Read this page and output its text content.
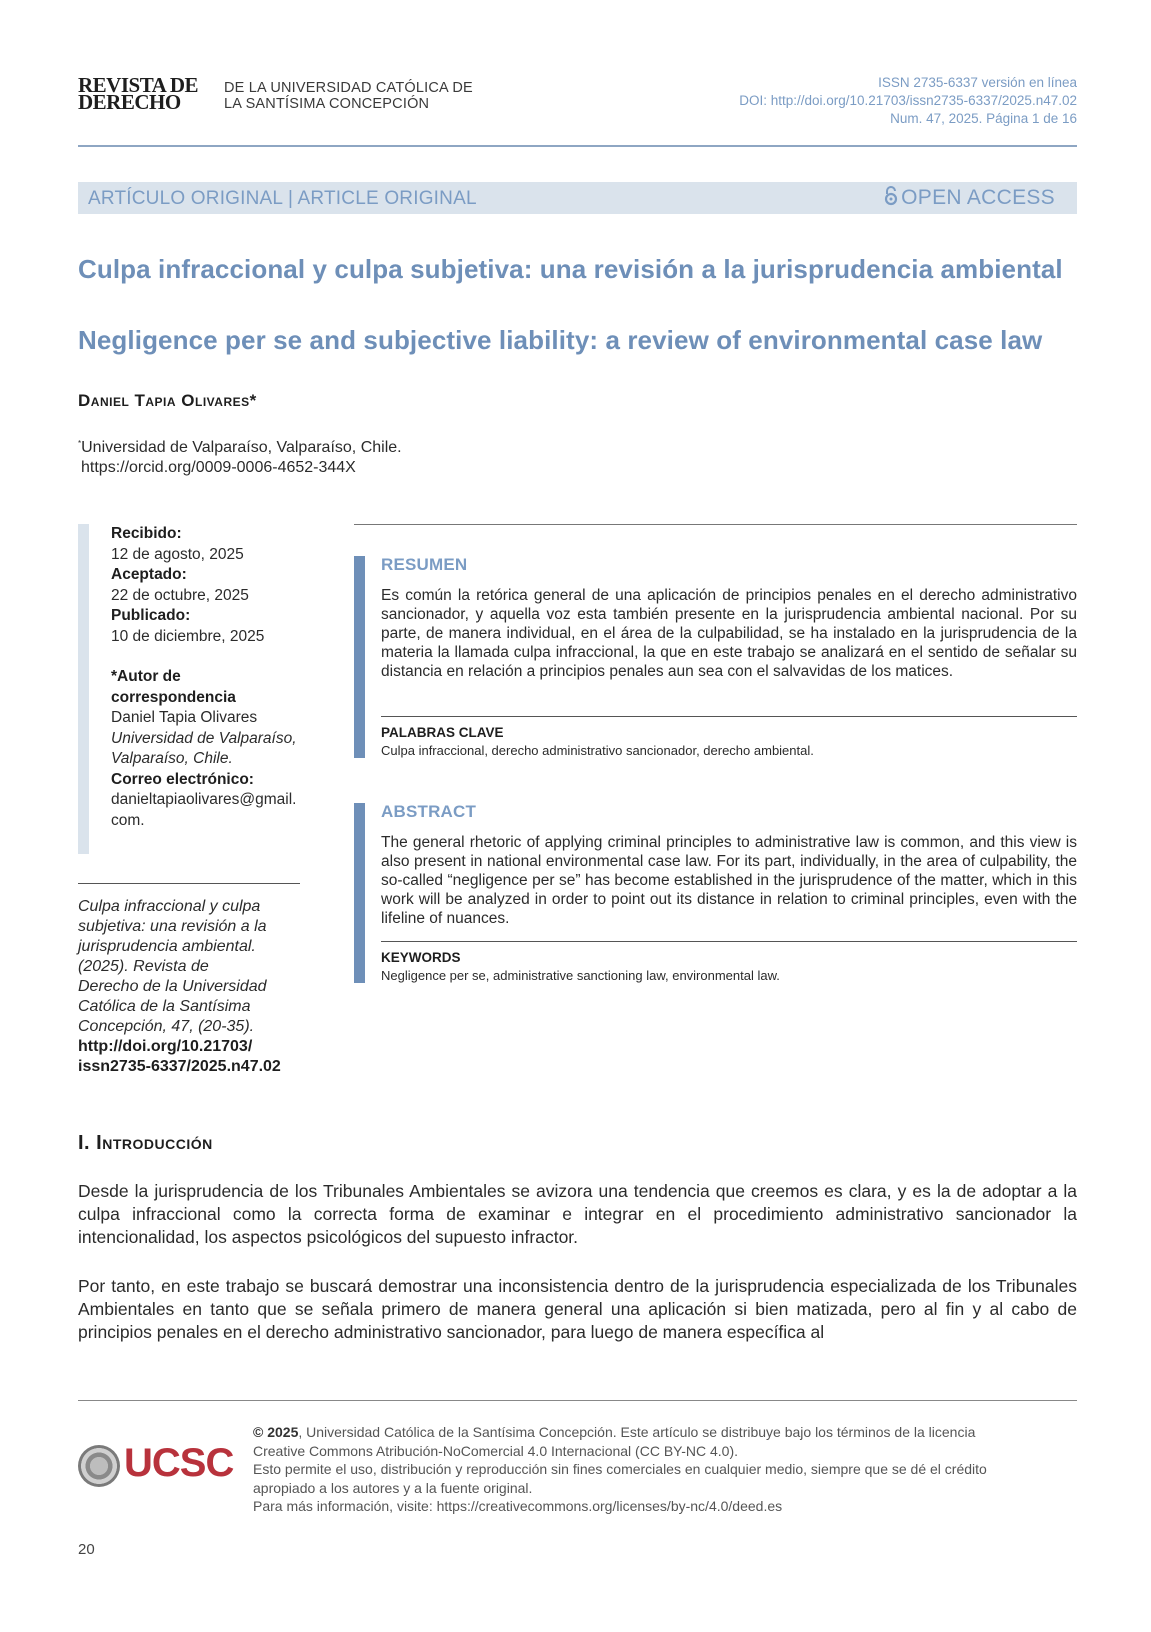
REVISTA DE
DERECHO
DE LA UNIVERSIDAD CATÓLICA DE
LA SANTÍSIMA CONCEPCIÓN
ISSN 2735-6337 versión en línea
DOI: http://doi.org/10.21703/issn2735-6337/2025.n47.02
Num. 47, 2025. Página 1 de 16
ARTÍCULO ORIGINAL | ARTICLE ORIGINAL	OPEN ACCESS
Culpa infraccional y culpa subjetiva: una revisión a la jurisprudencia ambiental
Negligence per se and subjective liability: a review of environmental case law
Daniel Tapia Olivares*
*Universidad de Valparaíso, Valparaíso, Chile.
https://orcid.org/0009-0006-4652-344X
Recibido:
12 de agosto, 2025
Aceptado:
22 de octubre, 2025
Publicado:
10 de diciembre, 2025
*Autor de
correspondencia
Daniel Tapia Olivares
Universidad de Valparaíso,
Valparaíso, Chile.
Correo electrónico:
danieltapiaolivares@gmail.
com.
Culpa infraccional y culpa
subjetiva: una revisión a la
jurisprudencia ambiental.
(2025). Revista de
Derecho de la Universidad
Católica de la Santísima
Concepción, 47, (20-35).
http://doi.org/10.21703/
issn2735-6337/2025.n47.02
RESUMEN
Es común la retórica general de una aplicación de principios penales en el derecho administrativo sancionador, y aquella voz esta también presente en la jurisprudencia ambiental nacional. Por su parte, de manera individual, en el área de la culpabilidad, se ha instalado en la jurisprudencia de la materia la llamada culpa infraccional, la que en este trabajo se analizará en el sentido de señalar su distancia en relación a principios penales aun sea con el salvavidas de los matices.
PALABRAS CLAVE
Culpa infraccional, derecho administrativo sancionador, derecho ambiental.
ABSTRACT
The general rhetoric of applying criminal principles to administrative law is common, and this view is also present in national environmental case law. For its part, individually, in the area of culpability, the so-called “negligence per se” has become established in the jurisprudence of the matter, which in this work will be analyzed in order to point out its distance in relation to criminal principles, even with the lifeline of nuances.
KEYWORDS
Negligence per se, administrative sanctioning law, environmental law.
I. Introducción
Desde la jurisprudencia de los Tribunales Ambientales se avizora una tendencia que creemos es clara, y es la de adoptar a la culpa infraccional como la correcta forma de examinar e integrar en el procedimiento administrativo sancionador la intencionalidad, los aspectos psicológicos del supuesto infractor.
Por tanto, en este trabajo se buscará demostrar una inconsistencia dentro de la jurisprudencia especializada de los Tribunales Ambientales en tanto que se señala primero de manera general una aplicación si bien matizada, pero al fin y al cabo de principios penales en el derecho administrativo sancionador, para luego de manera específica al
UCSC
© 2025, Universidad Católica de la Santísima Concepción. Este artículo se distribuye bajo los términos de la licencia
Creative Commons Atribución-NoComercial 4.0 Internacional (CC BY-NC 4.0).
Esto permite el uso, distribución y reproducción sin fines comerciales en cualquier medio, siempre que se dé el crédito
apropiado a los autores y a la fuente original.
Para más información, visite: https://creativecommons.org/licenses/by-nc/4.0/deed.es
20
